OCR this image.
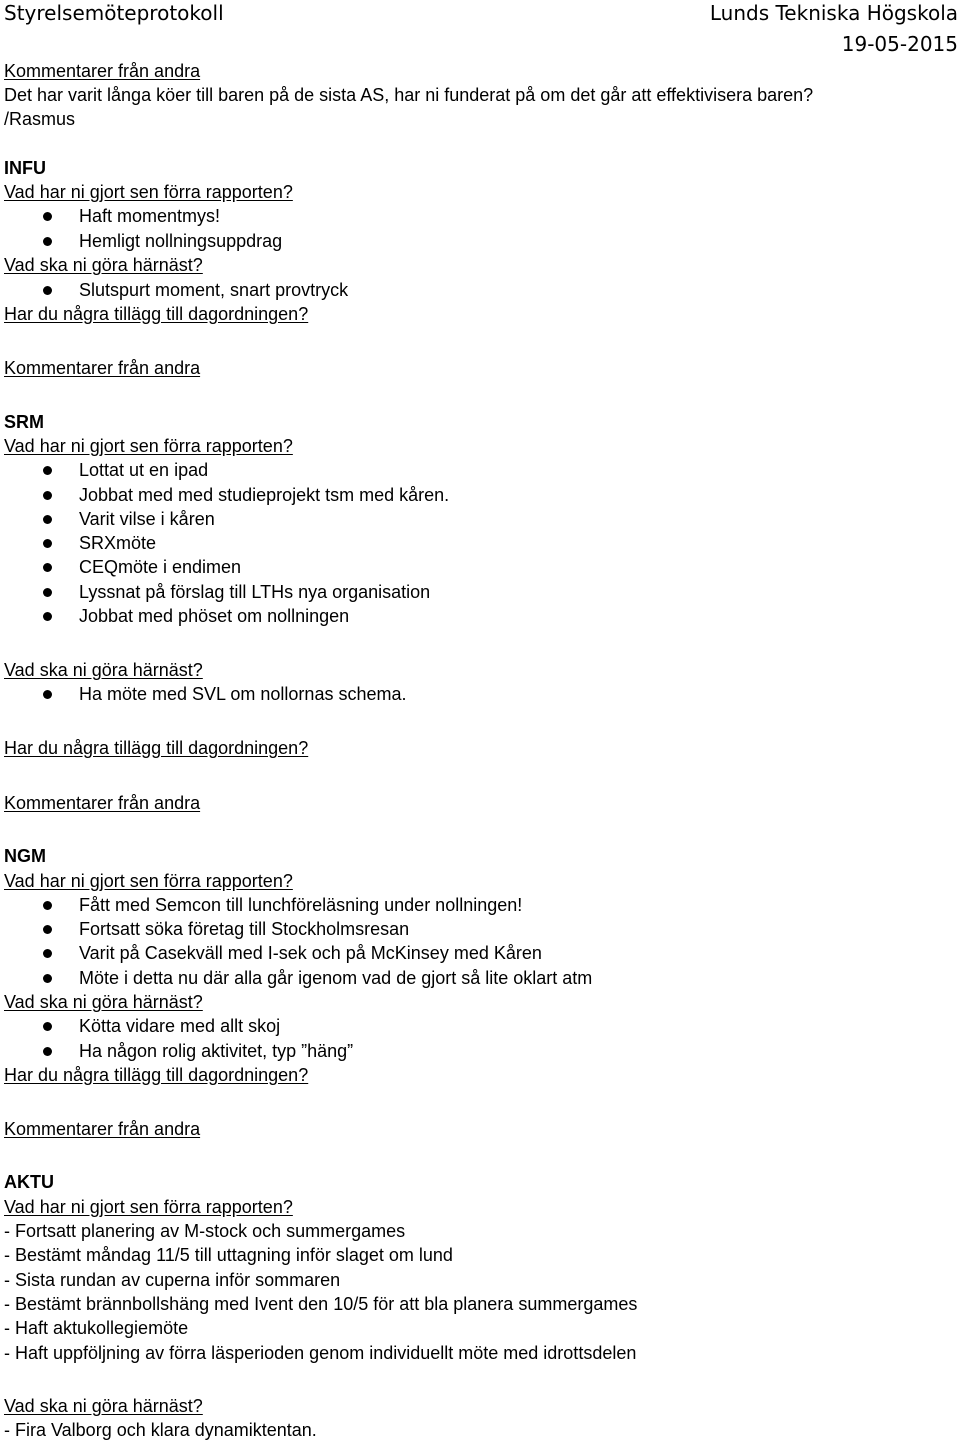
Styrelsemöteprotokoll	Lunds Tekniska Högskola
19-05-2015
Kommentarer från andra
Det har varit långa köer till baren på de sista AS, har ni funderat på om det går att effektivisera baren?
/Rasmus
INFU
Vad har ni gjort sen förra rapporten?
Haft momentmys!
Hemligt nollningsuppdrag
Vad ska ni göra härnäst?
Slutspurt moment, snart provtryck
Har du några tillägg till dagordningen?
Kommentarer från andra
SRM
Vad har ni gjort sen förra rapporten?
Lottat ut en ipad
Jobbat med med studieprojekt tsm med kåren.
Varit vilse i kåren
SRXmöte
CEQmöte i endimen
Lyssnat på förslag till LTHs nya organisation
Jobbat med phöset om nollningen
Vad ska ni göra härnäst?
Ha möte med SVL om nollornas schema.
Har du några tillägg till dagordningen?
Kommentarer från andra
NGM
Vad har ni gjort sen förra rapporten?
Fått med Semcon till lunchföreläsning under nollningen!
Fortsatt söka företag till Stockholmsresan
Varit på Casekväll med I-sek och på McKinsey med Kåren
Möte i detta nu där alla går igenom vad de gjort så lite oklart atm
Vad ska ni göra härnäst?
Kötta vidare med allt skoj
Ha någon rolig aktivitet, typ ”häng”
Har du några tillägg till dagordningen?
Kommentarer från andra
AKTU
Vad har ni gjort sen förra rapporten?
- Fortsatt planering av M-stock och summergames
- Bestämt måndag 11/5 till uttagning inför slaget om lund
- Sista rundan av cuperna inför sommaren
- Bestämt brännbollshäng med Ivent den 10/5 för att bla planera summergames
- Haft aktukollegiemöte
- Haft uppföljning av förra läsperioden genom individuellt möte med idrottsdelen
Vad ska ni göra härnäst?
- Fira Valborg och klara dynamiktentan.
